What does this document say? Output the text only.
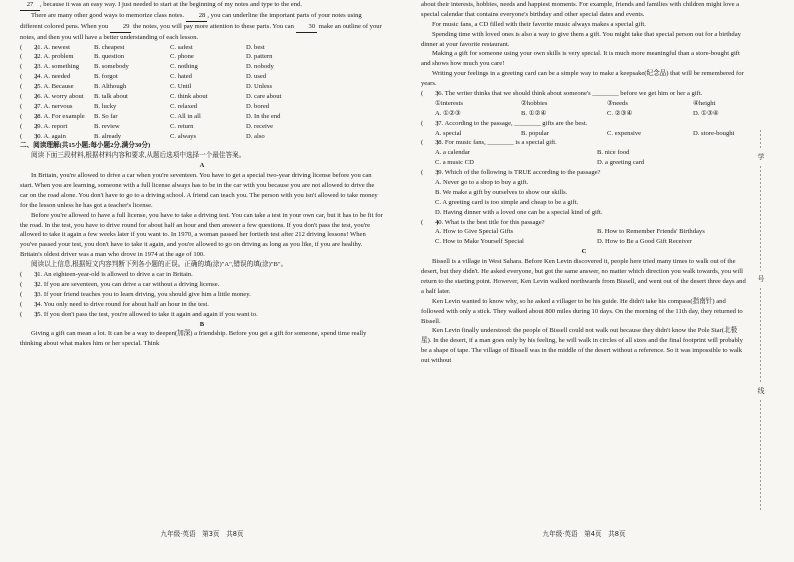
27 , because it was an easy way. I just needed to start at the beginning of my notes and type to the end.

There are many other good ways to memorize class notes. 28 , you can underline the important parts of your notes using different colored pens. When you 29 the notes, you will pay more attention to these parts. You can 30 make an outline of your notes, and then you will have a better understanding of each lesson.

(　　)
21. A. newest	B. cheapest	C. safest	D. best
(　　)
22. A. problem	B. question	C. phone	D. pattern
(　　)
23. A. something	B. somebody	C. nothing	D. nobody
(　　)
24. A. needed	B. forgot	C. hated	D. used
(　　)
25. A. Because	B. Although	C. Until	D. Unless
(　　)
26. A. worry about	B. talk about	C. think about	D. care about
(　　)
27. A. nervous	B. lucky	C. relaxed	D. bored
(　　)
28. A. For example	B. So far	C. All in all	D. In the end
(　　)
29. A. report	B. review	C. return	D. receive
(　　)
30. A. again	B. already	C. always	D. also

二、阅读理解(共15小题;每小题2分,满分30分)

阅读下面三段材料,根据材料内容和要求,从题后选项中选择一个最佳答案。

A

In Britain, you're allowed to drive a car when you're seventeen. You have to get a special two-year driving license before you can start. When you are learning, someone with a full license always has to be in the car with you because you are not allowed to drive the car on the road alone. You don't have to go to a driving school. A friend can teach you. The person with you isn't allowed to take money for the lesson unless he has got a teacher's license.

Before you're allowed to have a full license, you have to take a driving test. You can take a test in your own car, but it has to be fit for the road. In the test, you have to drive round for about half an hour and then answer a few questions. If you don't pass the test, you're allowed to take it again a few weeks later if you want to. In 1970, a woman passed her fortieth test after 212 driving lessons! When you've passed your test, you don't have to take it again, and you're allowed to go on driving as long as you like, if you are healthy. Britain's oldest driver was a man who drove in 1974 at the age of 100.

阅读以上信息,根据短文内容判断下列各小题的正误。正确的填(涂)"A",错误的填(涂)"B"。

(　　)
31. An eighteen-year-old is allowed to drive a car in Britain.
(　　)
32. If you are seventeen, you can drive a car without a driving license.
(　　)
33. If your friend teaches you to learn driving, you should give him a little money.
(　　)
34. You only need to drive round for about half an hour in the test.
(　　)
35. If you don't pass the test, you're allowed to take it again and again if you want to.

B

Giving a gift can mean a lot. It can be a way to deepen(加深) a friendship. Before you get a gift for someone, spend time really thinking about what makes him or her special. Think

九年级·英语　第3页　共8页

about their interests, hobbies, needs and happiest moments. For example, friends and families with children might love a special calendar that contains everyone's birthday and other special dates and events.

For music fans, a CD filled with their favorite music always makes a special gift.

Spending time with loved ones is also a way to give them a gift. You might take that special person out for a birthday dinner at your favorite restaurant.

Making a gift for someone using your own skills is very special. It is much more meaningful than a store-bought gift and shows how much you care!

Writing your feelings in a greeting card can be a simple way to make a keepsake(纪念品) that will be remembered for years.

(　　)
36. The writer thinks that we should think about someone's ________ before we get him or her a gift.
①interests	②hobbies	③needs	④height
A. ①②③	B. ①②④	C. ②③④	D. ①③④
(　　)
37. According to the passage, ________ gifts are the best.
A. special	B. popular	C. expensive	D. store-bought
(　　)
38. For music fans, ________ is a special gift.
A. a calendar	B. nice food
C. a music CD	D. a greeting card
(　　)
39. Which of the following is TRUE according to the passage?
A. Never go to a shop to buy a gift.
B. We make a gift by ourselves to show our skills.
C. A greeting card is too simple and cheap to be a gift.
D. Having dinner with a loved one can be a special kind of gift.
(　　)
40. What is the best title for this passage?
A. How to Give Special Gifts	B. How to Remember Friends' Birthdays
C. How to Make Yourself Special	D. How to Be a Good Gift Receiver

C

Bissell is a village in West Sahara. Before Ken Levin discovered it, people here tried many times to walk out of the desert, but they didn't. He asked everyone, but got the same answer, no matter which direction you walk towards, you will return to the starting point. However, Ken Levin walked northwards from Bissell, and went out of the desert three days and a half later.

Ken Levin wanted to know why, so he asked a villager to be his guide. He didn't take his compass(指南针) and followed with only a stick. They walked about 800 miles during 10 days. On the morning of the 11th day, they returned to Bissell.

Ken Levin finally understood: the people of Bissell could not walk out because they didn't know the Pole Star(北极星). In the desert, if a man goes only by his feeling, he will walk in circles of all sizes and the final footprint will probably be a shape of tape. The village of Bissell was in the middle of the desert without a reference. So it was impossible to walk out without

九年级·英语　第4页　共8页
学
号
线
